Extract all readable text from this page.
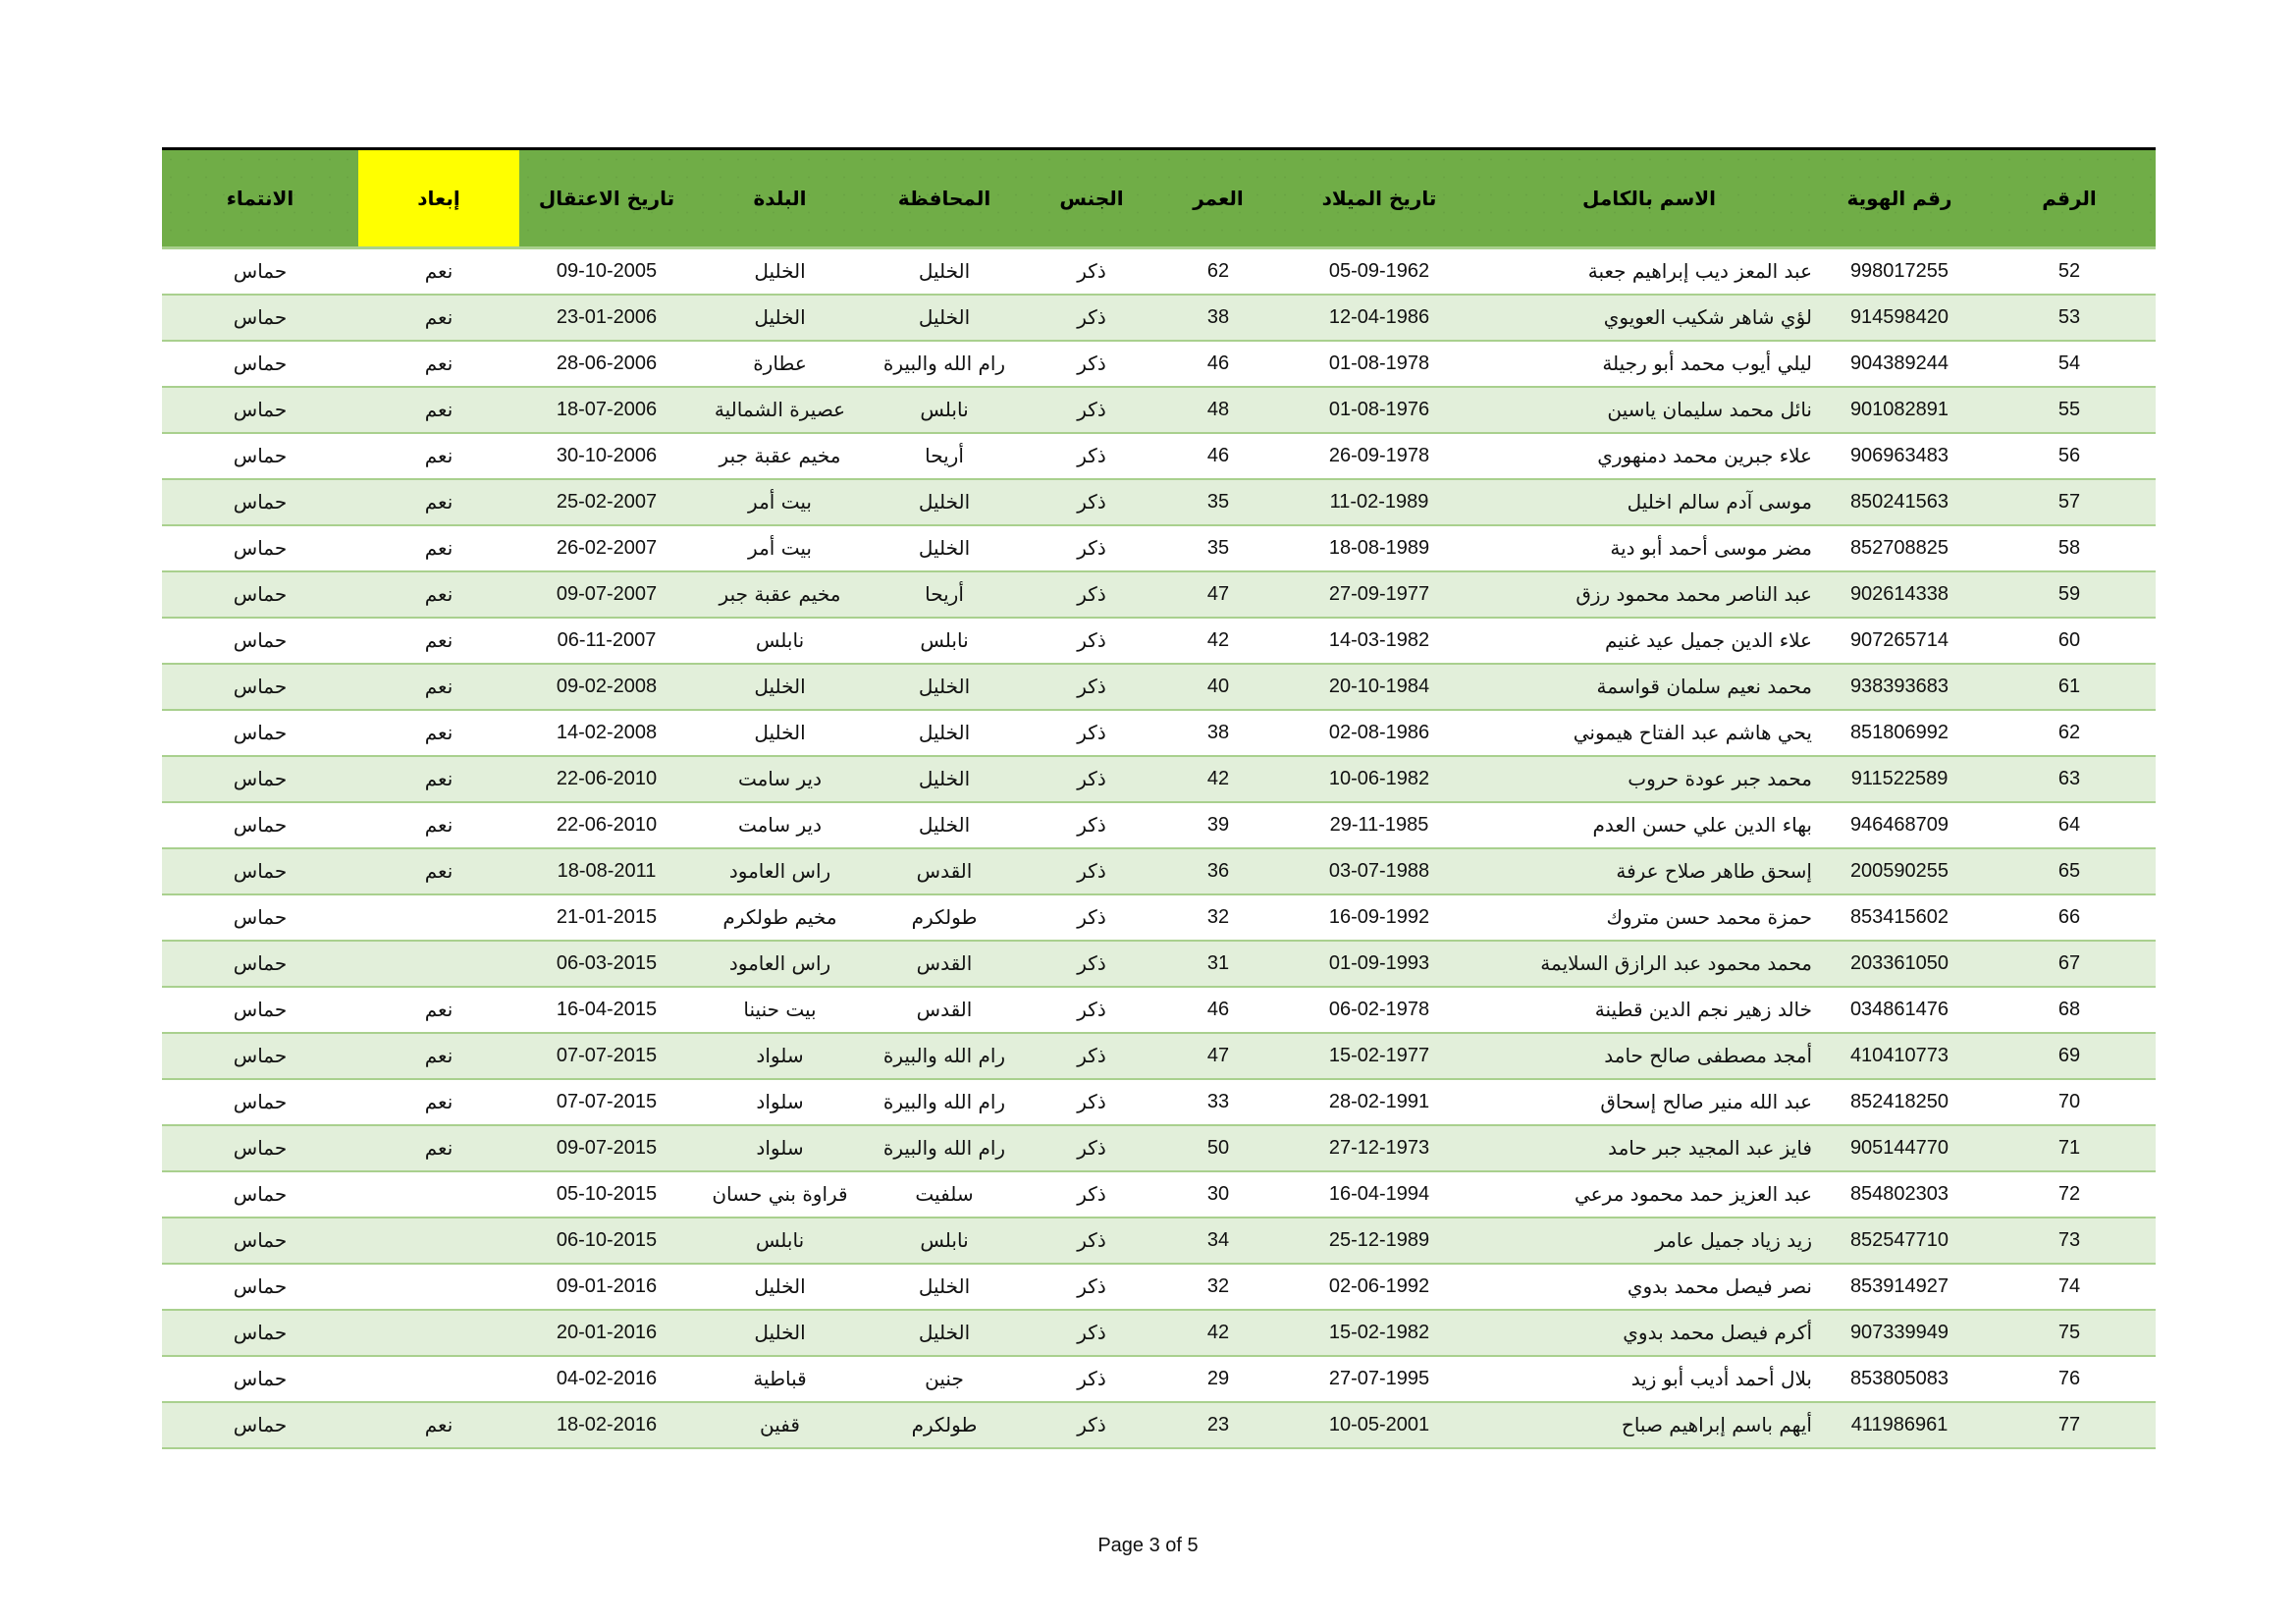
الرقم	رقم الهوية	الاسم بالكامل	تاريخ الميلاد	العمر	الجنس	المحافظة	البلدة	تاريخ الاعتقال	إبعاد	الانتماء
52	998017255	عبد المعز ديب إبراهيم جعبة	05-09-1962	62	ذكر	الخليل	الخليل	09-10-2005	نعم	حماس
53	914598420	لؤي شاهر شكيب العويوي	12-04-1986	38	ذكر	الخليل	الخليل	23-01-2006	نعم	حماس
54	904389244	ليلي أيوب محمد أبو رجيلة	01-08-1978	46	ذكر	رام الله والبيرة	عطارة	28-06-2006	نعم	حماس
55	901082891	نائل محمد سليمان ياسين	01-08-1976	48	ذكر	نابلس	عصيرة الشمالية	18-07-2006	نعم	حماس
56	906963483	علاء جبرين محمد دمنهوري	26-09-1978	46	ذكر	أريحا	مخيم عقبة جبر	30-10-2006	نعم	حماس
57	850241563	موسى آدم سالم اخليل	11-02-1989	35	ذكر	الخليل	بيت أمر	25-02-2007	نعم	حماس
58	852708825	مضر موسى أحمد أبو دية	18-08-1989	35	ذكر	الخليل	بيت أمر	26-02-2007	نعم	حماس
59	902614338	عبد الناصر محمد محمود رزق	27-09-1977	47	ذكر	أريحا	مخيم عقبة جبر	09-07-2007	نعم	حماس
60	907265714	علاء الدين جميل عيد غنيم	14-03-1982	42	ذكر	نابلس	نابلس	06-11-2007	نعم	حماس
61	938393683	محمد نعيم سلمان قواسمة	20-10-1984	40	ذكر	الخليل	الخليل	09-02-2008	نعم	حماس
62	851806992	يحي هاشم عبد الفتاح هيموني	02-08-1986	38	ذكر	الخليل	الخليل	14-02-2008	نعم	حماس
63	911522589	محمد جبر عودة حروب	10-06-1982	42	ذكر	الخليل	دير سامت	22-06-2010	نعم	حماس
64	946468709	بهاء الدين علي حسن العدم	29-11-1985	39	ذكر	الخليل	دير سامت	22-06-2010	نعم	حماس
65	200590255	إسحق طاهر صلاح عرفة	03-07-1988	36	ذكر	القدس	راس العامود	18-08-2011	نعم	حماس
66	853415602	حمزة محمد حسن متروك	16-09-1992	32	ذكر	طولكرم	مخيم طولكرم	21-01-2015		حماس
67	203361050	محمد محمود عبد الرازق السلايمة	01-09-1993	31	ذكر	القدس	راس العامود	06-03-2015		حماس
68	034861476	خالد زهير نجم الدين قطينة	06-02-1978	46	ذكر	القدس	بيت حنينا	16-04-2015	نعم	حماس
69	410410773	أمجد مصطفى صالح حامد	15-02-1977	47	ذكر	رام الله والبيرة	سلواد	07-07-2015	نعم	حماس
70	852418250	عبد الله منير صالح إسحاق	28-02-1991	33	ذكر	رام الله والبيرة	سلواد	07-07-2015	نعم	حماس
71	905144770	فايز عبد المجيد جبر حامد	27-12-1973	50	ذكر	رام الله والبيرة	سلواد	09-07-2015	نعم	حماس
72	854802303	عبد العزيز حمد محمود مرعي	16-04-1994	30	ذكر	سلفيت	قراوة بني حسان	05-10-2015		حماس
73	852547710	زيد زياد جميل عامر	25-12-1989	34	ذكر	نابلس	نابلس	06-10-2015		حماس
74	853914927	نصر فيصل محمد بدوي	02-06-1992	32	ذكر	الخليل	الخليل	09-01-2016		حماس
75	907339949	أكرم فيصل محمد بدوي	15-02-1982	42	ذكر	الخليل	الخليل	20-01-2016		حماس
76	853805083	بلال أحمد أديب أبو زيد	27-07-1995	29	ذكر	جنين	قباطية	04-02-2016		حماس
77	411986961	أيهم باسم إبراهيم صباح	10-05-2001	23	ذكر	طولكرم	قفين	18-02-2016	نعم	حماس
Page 3 of 5
